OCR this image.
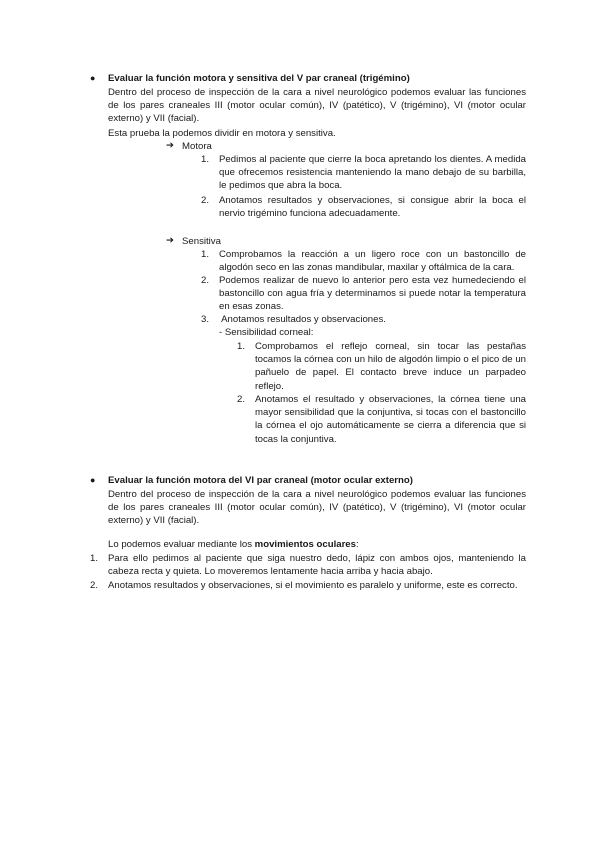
● Evaluar la función motora y sensitiva del V par craneal (trigémino)
Dentro del proceso de inspección de la cara a nivel neurológico podemos evaluar las funciones de los pares craneales III (motor ocular común), IV (patético), V (trigémino), VI (motor ocular externo) y VII (facial).
Esta prueba la podemos dividir en motora y sensitiva.
➔ Motora
1. Pedimos al paciente que cierre la boca apretando los dientes. A medida que ofrecemos resistencia manteniendo la mano debajo de su barbilla, le pedimos que abra la boca.
2. Anotamos resultados y observaciones, si consigue abrir la boca el nervio trigémino funciona adecuadamente.
➔ Sensitiva
1. Comprobamos la reacción a un ligero roce con un bastoncillo de algodón seco en las zonas mandibular, maxilar y oftálmica de la cara.
2. Podemos realizar de nuevo lo anterior pero esta vez humedeciendo el bastoncillo con agua fría y determinamos si puede notar la temperatura en esas zonas.
3. Anotamos resultados y observaciones.
- Sensibilidad corneal:
1. Comprobamos el reflejo corneal, sin tocar las pestañas tocamos la córnea con un hilo de algodón limpio o el pico de un pañuelo de papel. El contacto breve induce un parpadeo reflejo.
2. Anotamos el resultado y observaciones, la córnea tiene una mayor sensibilidad que la conjuntiva, si tocas con el bastoncillo la córnea el ojo automáticamente se cierra a diferencia que si tocas la conjuntiva.
● Evaluar la función motora del VI par craneal (motor ocular externo)
Dentro del proceso de inspección de la cara a nivel neurológico podemos evaluar las funciones de los pares craneales III (motor ocular común), IV (patético), V (trigémino), VI (motor ocular externo) y VII (facial).
Lo podemos evaluar mediante los movimientos oculares:
1. Para ello pedimos al paciente que siga nuestro dedo, lápiz con ambos ojos, manteniendo la cabeza recta y quieta. Lo moveremos lentamente hacia arriba y hacia abajo.
2. Anotamos resultados y observaciones, si el movimiento es paralelo y uniforme, este es correcto.
